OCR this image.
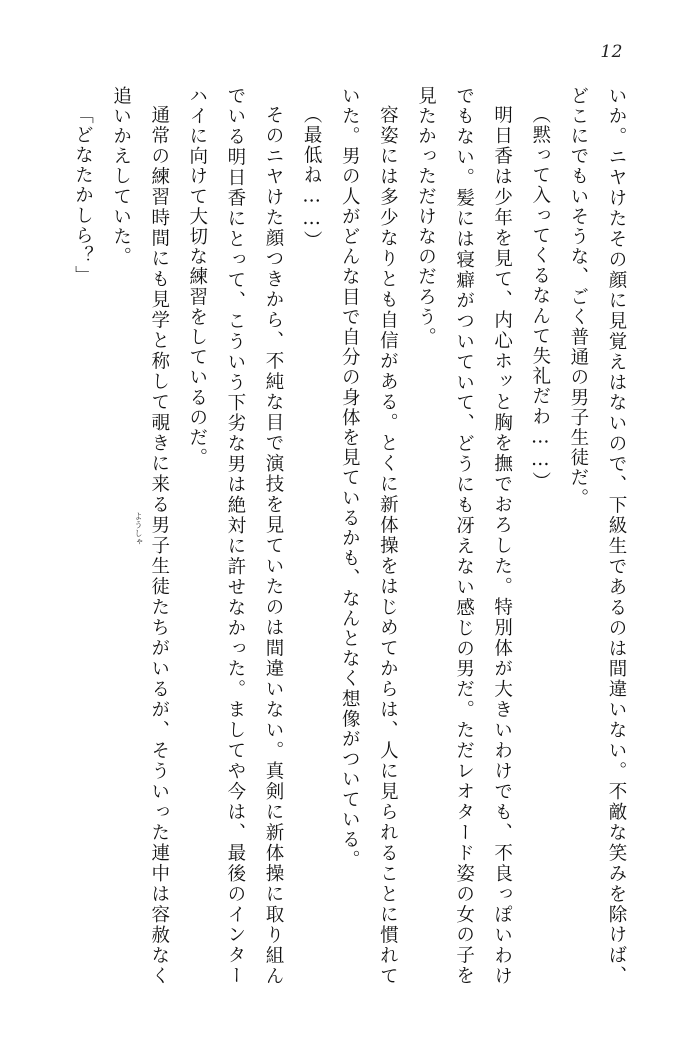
12

いか。ニヤけたその顔に見覚えはないので、下級生であるのは間違いない。不敵な笑みを除けば、どこにでもいそうな、ごく普通の男子生徒だ。

（黙って入ってくるなんて失礼だわ……）

明日香は少年を見て、内心ホッと胸を撫でおろした。特別体が大きいわけでも、不良っぽいわけでもない。髪には寝癖がついていて、どうにも冴えない感じの男だ。ただレオタード姿の女の子を見たかっただけなのだろう。

容姿には多少なりとも自信がある。とくに新体操をはじめてからは、人に見られることに慣れていた。男の人がどんな目で自分の身体を見ているかも、なんとなく想像がついている。

（最低ね……）

そのニヤけた顔つきから、不純な目で演技を見ていたのは間違いない。真剣に新体操に取り組んでいる明日香にとって、こういう下劣な男は絶対に許せなかった。ましてや今は、最後のインターハイに向けて大切な練習をしているのだ。

通常の練習時間にも見学と称して覗きに来る男子生徒たちがいるが、そういった連中は容赦なく追いかえしていた。

「どなたかしら？」

ようしゃ
